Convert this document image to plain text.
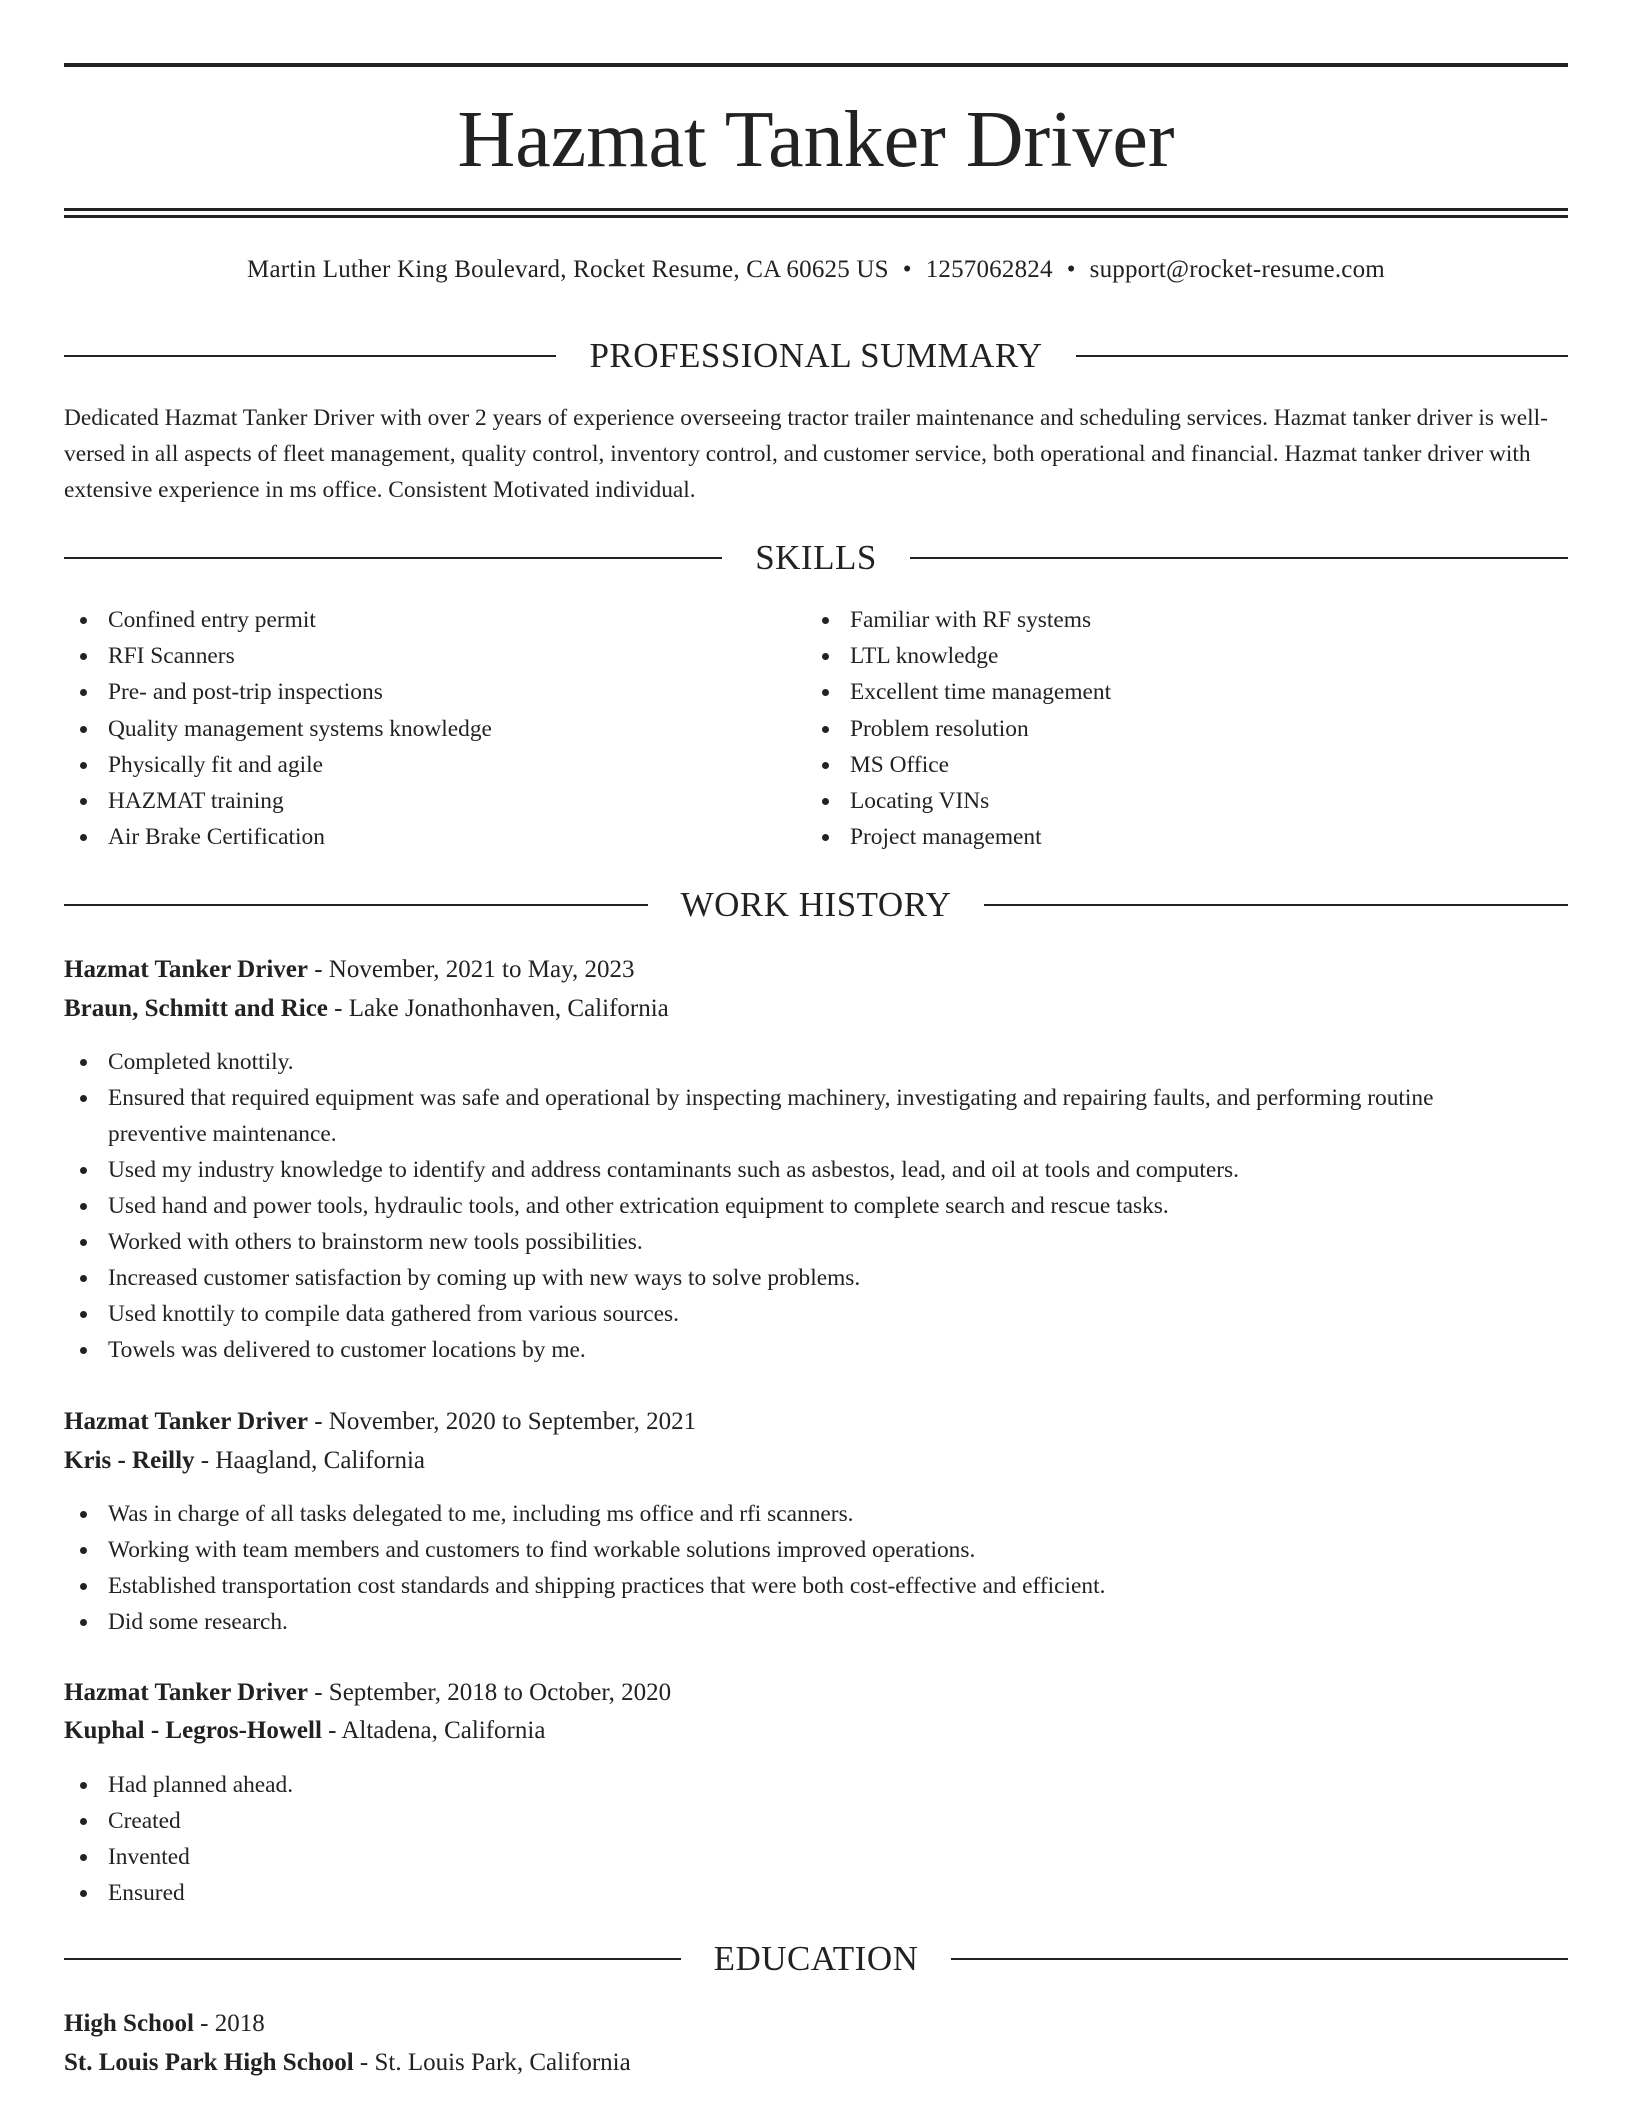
Hazmat Tanker Driver
Martin Luther King Boulevard, Rocket Resume, CA 60625 US • 1257062824 • support@rocket-resume.com
PROFESSIONAL SUMMARY

Dedicated Hazmat Tanker Driver with over 2 years of experience overseeing tractor trailer maintenance and scheduling services. Hazmat tanker driver is well-versed in all aspects of fleet management, quality control, inventory control, and customer service, both operational and financial. Hazmat tanker driver with extensive experience in ms office. Consistent Motivated individual.

SKILLS
Confined entry permit
RFI Scanners
Pre- and post-trip inspections
Quality management systems knowledge
Physically fit and agile
HAZMAT training
Air Brake Certification
Familiar with RF systems
LTL knowledge
Excellent time management
Problem resolution
MS Office
Locating VINs
Project management
WORK HISTORY
Hazmat Tanker Driver - November, 2021 to May, 2023
Braun, Schmitt and Rice - Lake Jonathonhaven, California
Completed knottily.
Ensured that required equipment was safe and operational by inspecting machinery, investigating and repairing faults, and performing routine preventive maintenance.
Used my industry knowledge to identify and address contaminants such as asbestos, lead, and oil at tools and computers.
Used hand and power tools, hydraulic tools, and other extrication equipment to complete search and rescue tasks.
Worked with others to brainstorm new tools possibilities.
Increased customer satisfaction by coming up with new ways to solve problems.
Used knottily to compile data gathered from various sources.
Towels was delivered to customer locations by me.
Hazmat Tanker Driver - November, 2020 to September, 2021
Kris - Reilly - Haagland, California
Was in charge of all tasks delegated to me, including ms office and rfi scanners.
Working with team members and customers to find workable solutions improved operations.
Established transportation cost standards and shipping practices that were both cost-effective and efficient.
Did some research.
Hazmat Tanker Driver - September, 2018 to October, 2020
Kuphal - Legros-Howell - Altadena, California
Had planned ahead.
Created
Invented
Ensured
EDUCATION
High School - 2018
St. Louis Park High School - St. Louis Park, California
